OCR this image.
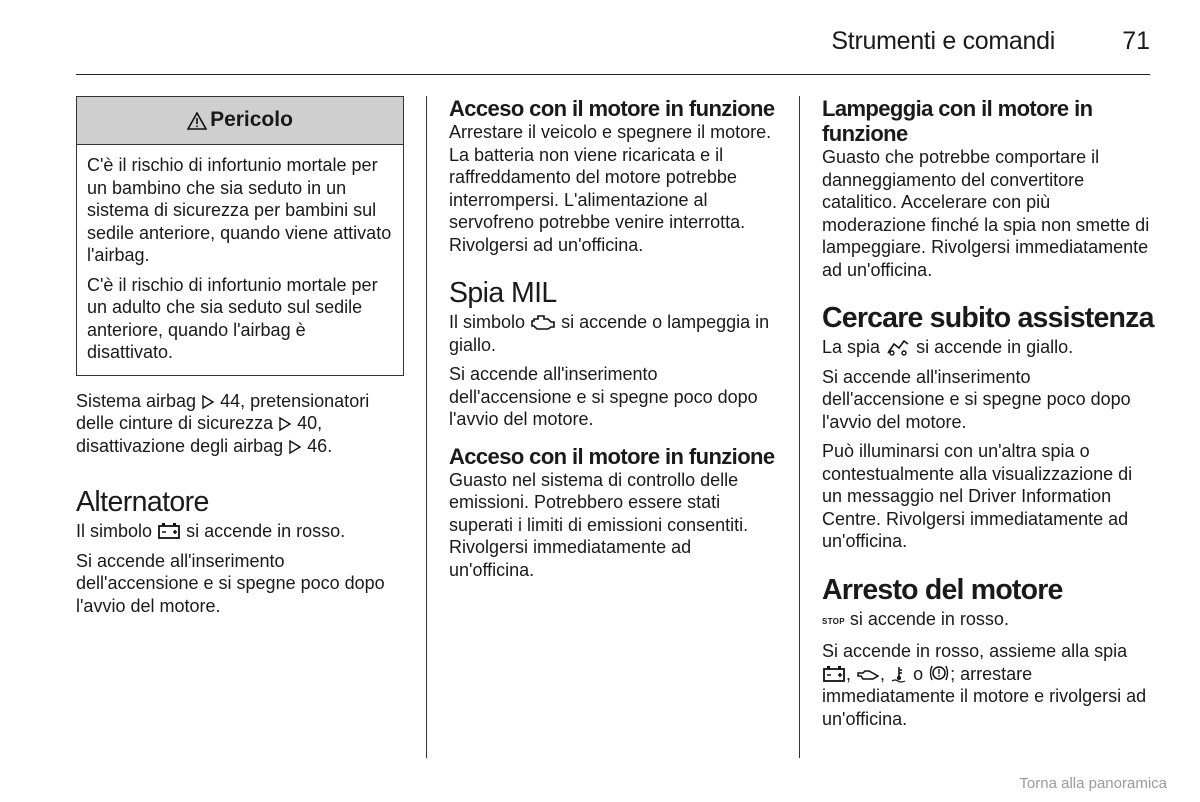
Strumenti e comandi	71
Pericolo

C'è il rischio di infortunio mortale per un bambino che sia seduto in un sistema di sicurezza per bambini sul sedile anteriore, quando viene attivato l'airbag.

C'è il rischio di infortunio mortale per un adulto che sia seduto sul sedile anteriore, quando l'airbag è disattivato.

Sistema airbag 44, pretensionatori delle cinture di sicurezza 40, disattivazione degli airbag 46.

Alternatore

Il simbolo si accende in rosso.

Si accende all'inserimento dell'accensione e si spegne poco dopo l'avvio del motore.

Acceso con il motore in funzione

Arrestare il veicolo e spegnere il motore. La batteria non viene ricaricata e il raffreddamento del motore potrebbe interrompersi. L'alimentazione al servofreno potrebbe venire interrotta. Rivolgersi ad un'officina.

Spia MIL

Il simbolo si accende o lampeggia in giallo.

Si accende all'inserimento dell'accensione e si spegne poco dopo l'avvio del motore.

Acceso con il motore in funzione

Guasto nel sistema di controllo delle emissioni. Potrebbero essere stati superati i limiti di emissioni consentiti. Rivolgersi immediatamente ad un'officina.

Lampeggia con il motore in funzione

Guasto che potrebbe comportare il danneggiamento del convertitore catalitico. Accelerare con più moderazione finché la spia non smette di lampeggiare. Rivolgersi immediatamente ad un'officina.

Cercare subito assistenza

La spia si accende in giallo.

Si accende all'inserimento dell'accensione e si spegne poco dopo l'avvio del motore.

Può illuminarsi con un'altra spia o contestualmente alla visualizzazione di un messaggio nel Driver Information Centre. Rivolgersi immediatamente ad un'officina.

Arresto del motore

STOP si accende in rosso.

Si accende in rosso, assieme alla spia , , o ; arrestare immediatamente il motore e rivolgersi ad un'officina.

Torna alla panoramica
